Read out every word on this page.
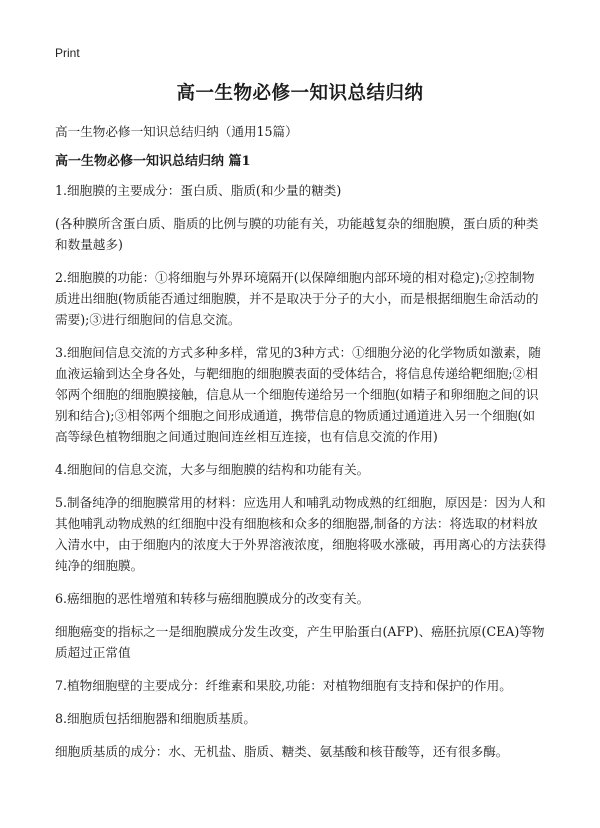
Print
高一生物必修一知识总结归纳

高一生物必修一知识总结归纳（通用15篇）

高一生物必修一知识总结归纳 篇1

1.细胞膜的主要成分：蛋白质、脂质(和少量的糖类)

(各种膜所含蛋白质、脂质的比例与膜的功能有关，功能越复杂的细胞膜，蛋白质的种类和数量越多)

2.细胞膜的功能：①将细胞与外界环境隔开(以保障细胞内部环境的相对稳定);②控制物质进出细胞(物质能否通过细胞膜，并不是取决于分子的大小，而是根据细胞生命活动的需要);③进行细胞间的信息交流。

3.细胞间信息交流的方式多种多样，常见的3种方式：①细胞分泌的化学物质如激素，随血液运输到达全身各处，与靶细胞的细胞膜表面的受体结合，将信息传递给靶细胞;②相邻两个细胞的细胞膜接触，信息从一个细胞传递给另一个细胞(如精子和卵细胞之间的识别和结合);③相邻两个细胞之间形成通道，携带信息的物质通过通道进入另一个细胞(如高等绿色植物细胞之间通过胞间连丝相互连接，也有信息交流的作用)

4.细胞间的信息交流，大多与细胞膜的结构和功能有关。

5.制备纯净的细胞膜常用的材料：应选用人和哺乳动物成熟的红细胞，原因是：因为人和其他哺乳动物成熟的红细胞中没有细胞核和众多的细胞器,制备的方法：将选取的材料放入清水中，由于细胞内的浓度大于外界溶液浓度，细胞将吸水涨破，再用离心的方法获得纯净的细胞膜。

6.癌细胞的恶性增殖和转移与癌细胞膜成分的改变有关。

细胞癌变的指标之一是细胞膜成分发生改变，产生甲胎蛋白(AFP)、癌胚抗原(CEA)等物质超过正常值

7.植物细胞壁的主要成分：纤维素和果胶,功能：对植物细胞有支持和保护的作用。

8.细胞质包括细胞器和细胞质基质。

细胞质基质的成分：水、无机盐、脂质、糖类、氨基酸和核苷酸等，还有很多酶。
